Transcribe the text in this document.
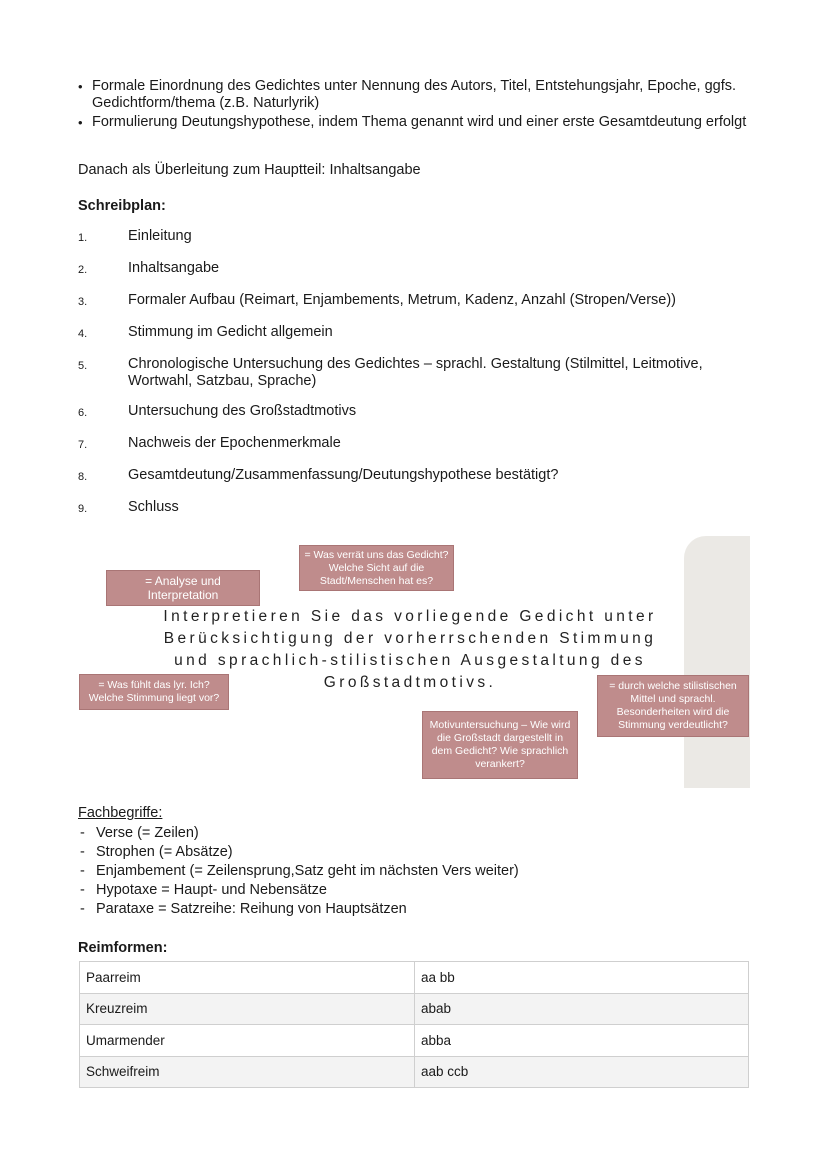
• Formale Einordnung des Gedichtes unter Nennung des Autors, Titel, Entstehungsjahr, Epoche, ggfs. Gedichtform/thema (z.B. Naturlyrik)
• Formulierung Deutungshypothese, indem Thema genannt wird und einer erste Gesamtdeutung erfolgt

Danach als Überleitung zum Hauptteil: Inhaltsangabe

Schreibplan:

1.	Einleitung
2.	Inhaltsangabe
3.	Formaler Aufbau (Reimart, Enjambements, Metrum, Kadenz, Anzahl (Stropen/Verse))
4.	Stimmung im Gedicht allgemein
5.	Chronologische Untersuchung des Gedichtes – sprachl. Gestaltung (Stilmittel, Leitmotive, Wortwahl, Satzbau, Sprache)
6.	Untersuchung des Großstadtmotivs
7.	Nachweis der Epochenmerkmale
8.	Gesamtdeutung/Zusammenfassung/Deutungshypothese bestätigt?
9.	Schluss

Interpretieren Sie das vorliegende Gedicht unter Berücksichtigung der vorherrschenden Stimmung und sprachlich-stilistischen Ausgestaltung des Großstadtmotivs.

= Analyse und Interpretation
= Was verrät uns das Gedicht? Welche Sicht auf die Stadt/Menschen hat es?
= Was fühlt das lyr. Ich? Welche Stimmung liegt vor?
Motivuntersuchung – Wie wird die Großstadt dargestellt in dem Gedicht? Wie sprachlich verankert?
= durch welche stilistischen Mittel und sprachl. Besonderheiten wird die Stimmung verdeutlicht?

Fachbegriffe:

- Verse (= Zeilen)
- Strophen (= Absätze)
- Enjambement (= Zeilensprung,Satz geht im nächsten Vers weiter)
- Hypotaxe = Haupt- und Nebensätze
- Parataxe = Satzreihe: Reihung von Hauptsätzen

Reimformen:

Paarreim	aa bb
Kreuzreim	abab
Umarmender	abba
Schweifreim	aab ccb
